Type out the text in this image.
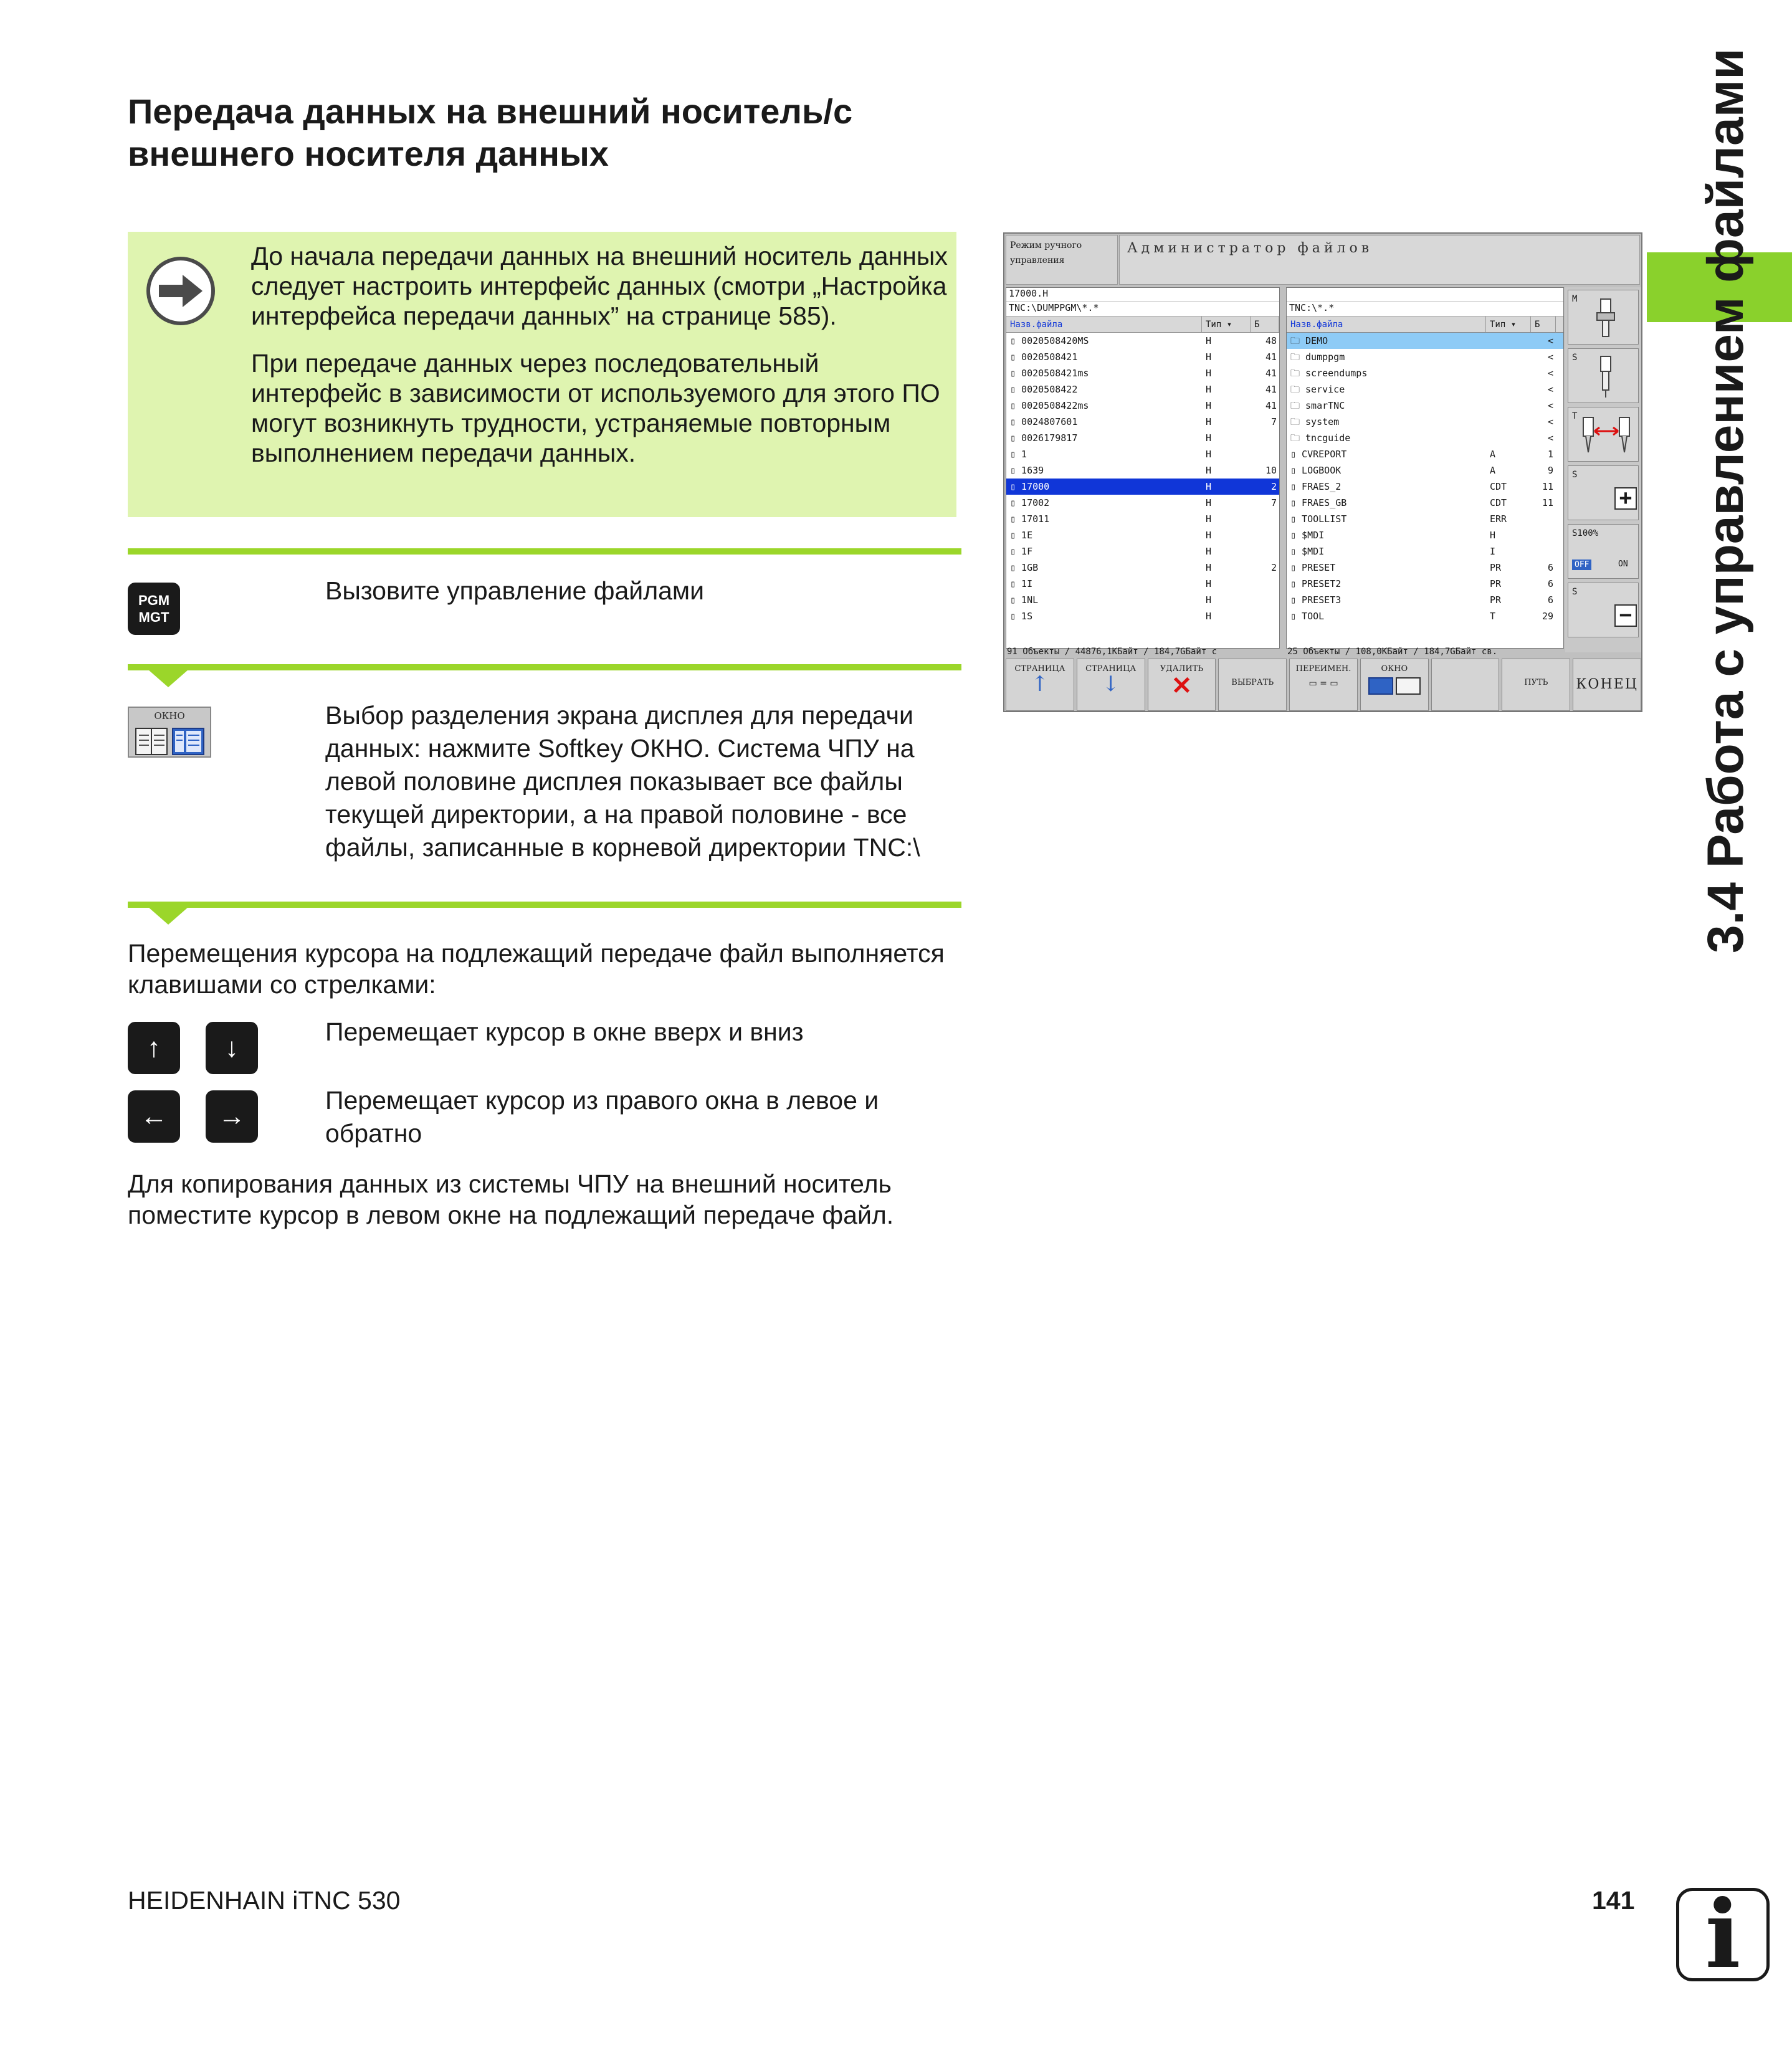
Передача данных на внешний носитель/с внешнего носителя данных

До начала передачи данных на внешний носитель данных следует настроить интерфейс данных (смотри „Настройка интерфейса передачи данных” на странице 585).

При передаче данных через последовательный интерфейс в зависимости от используемого для этого ПО могут возникнуть трудности, устраняемые повторным выполнением передачи данных.

PGM
MGT
Вызовите управление файлами
ОКНО	Выбор разделения экрана дисплея для передачи данных: нажмите Softkey ОКНО. Система ЧПУ на левой половине дисплея показывает все файлы текущей директории, а на правой половине - все файлы, записанные в корневой директории TNC:\
Перемещения курсора на подлежащий передаче файл выполняется клавишами со стрелками:
↑	↓
Перемещает курсор в окне вверх и вниз
←	→
Перемещает курсор из правого окна в левое и обратно
Для копирования данных из системы ЧПУ на внешний носитель поместите курсор в левом окне на подлежащий передаче файл.
Режим ручного
управления
Администратор файлов
17000.H
TNC:\DUMPPGM\*.*
Назв.файла	Тип ▾	Б
▯ 0020508420MS	H	48
▯ 0020508421	H	41
▯ 0020508421ms	H	41
▯ 0020508422	H	41
▯ 0020508422ms	H	41
▯ 0024807601	H	7
▯ 0026179817	H
▯ 1	H
▯ 1639	H	10
▯ 17000	H	2
▯ 17002	H	7
▯ 17011	H
▯ 1E	H
▯ 1F	H
▯ 1GB	H	2
▯ 1I	H
▯ 1NL	H
▯ 1S	H
91 Объекты / 44876,1КБайт / 184,7GБайт с
TNC:\*.*
Назв.файла	Тип ▾	Б
🗀 DEMO	<
🗀 dumppgm	<
🗀 screendumps	<
🗀 service	<
🗀 smarTNC	<
🗀 system	<
🗀 tncguide	<
▯ CVREPORT	A	1
▯ LOGBOOK	A	9
▯ FRAES_2	CDT	11
▯ FRAES_GB	CDT	11
▯ TOOLLIST	ERR
▯ $MDI	H
▯ $MDI	I
▯ PRESET	PR	6
▯ PRESET2	PR	6
▯ PRESET3	PR	6
▯ TOOL	T	29
25 Объекты / 108,0КБайт / 184,7GБайт св.
M
S
T
S
+
S100%
OFF	ON
S
−
СТРАНИЦА
↑
СТРАНИЦА
↓
УДАЛИТЬ
✕	ВЫБРАТЬ
ПЕРЕИМЕН.
▭ = ▭
ОКНО

ПУТЬ	КОНЕЦ 3.4 Работа с управлением файлами
HEIDENHAIN iTNC 530	141 i
